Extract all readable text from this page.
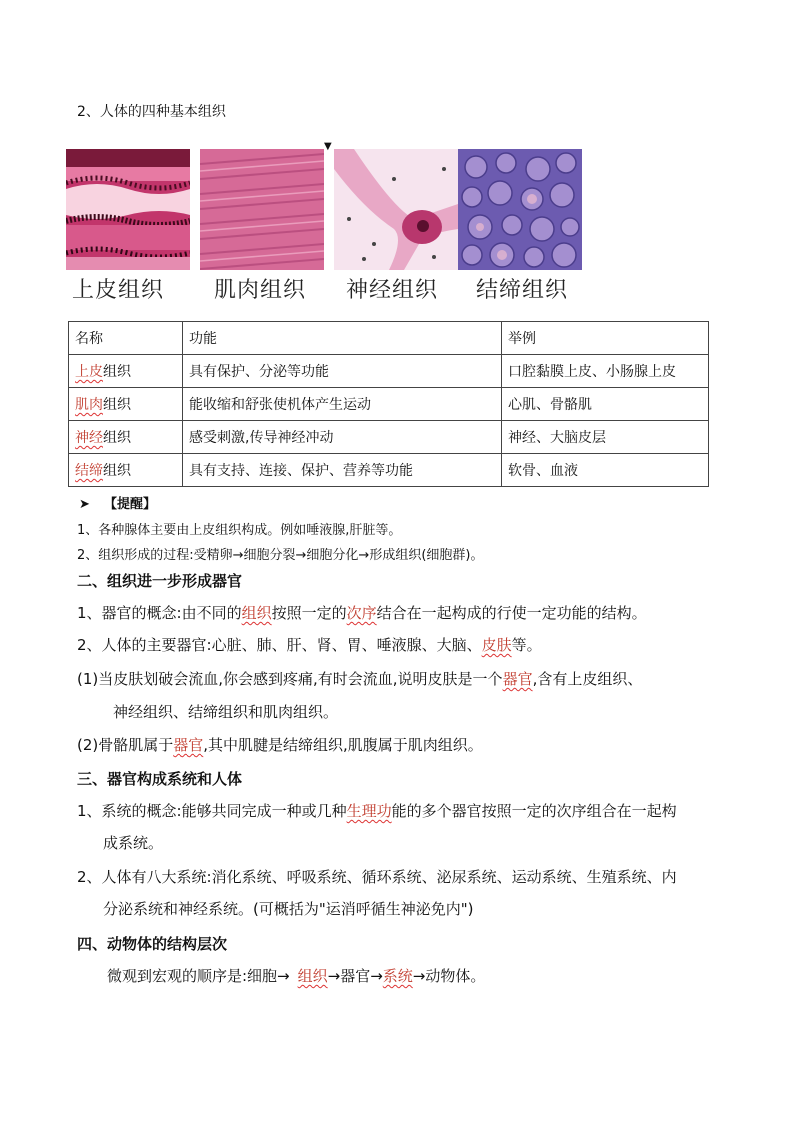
2、人体的四种基本组织
▼
上皮组织 肌肉组织 神经组织 结缔组织
名称	功能	举例
上皮组织	具有保护、分泌等功能	口腔黏膜上皮、小肠腺上皮
肌肉组织	能收缩和舒张使机体产生运动	心肌、骨骼肌
神经组织	感受刺激,传导神经冲动	神经、大脑皮层
结缔组织	具有支持、连接、保护、营养等功能	软骨、血液
➤ 【提醒】
1、各种腺体主要由上皮组织构成。例如唾液腺,肝脏等。
2、组织形成的过程:受精卵→细胞分裂→细胞分化→形成组织(细胞群)。
二、组织进一步形成器官
1、器官的概念:由不同的组织按照一定的次序结合在一起构成的行使一定功能的结构。
2、人体的主要器官:心脏、肺、肝、肾、胃、唾液腺、大脑、皮肤等。
(1)当皮肤划破会流血,你会感到疼痛,有时会流血,说明皮肤是一个器官,含有上皮组织、
神经组织、结缔组织和肌肉组织。
(2)骨骼肌属于器官,其中肌腱是结缔组织,肌腹属于肌肉组织。
三、器官构成系统和人体
1、系统的概念:能够共同完成一种或几种生理功能的多个器官按照一定的次序组合在一起构
成系统。
2、人体有八大系统:消化系统、呼吸系统、循环系统、泌尿系统、运动系统、生殖系统、内
分泌系统和神经系统。(可概括为"运消呼循生神泌免内")
四、动物体的结构层次
微观到宏观的顺序是:细胞→ 组织→器官→系统→动物体。
